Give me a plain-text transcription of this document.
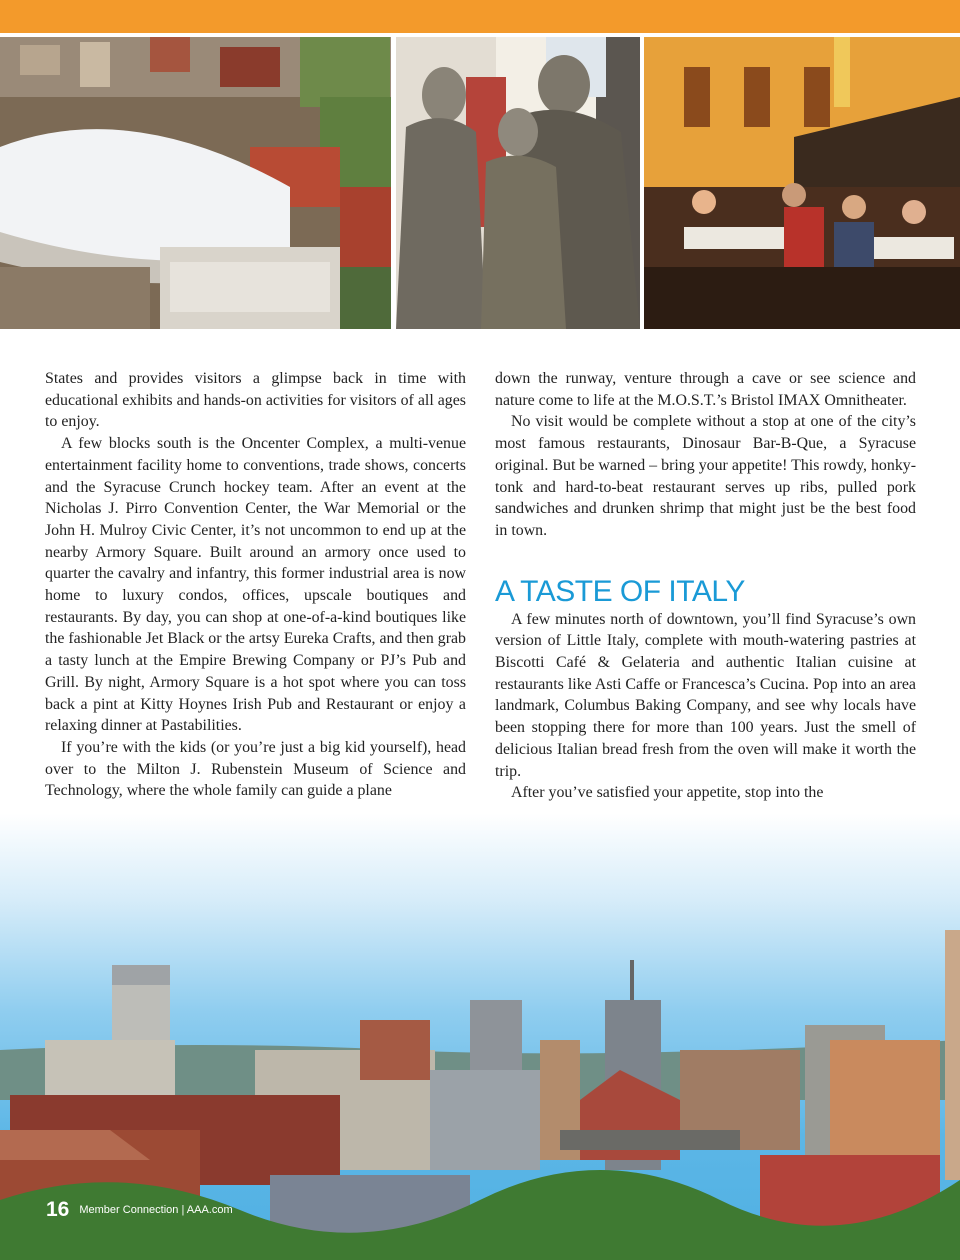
States and provides visitors a glimpse back in time with educational exhibits and hands-on activities for visitors of all ages to enjoy.

A few blocks south is the Oncenter Complex, a multi-venue entertainment facility home to conventions, trade shows, concerts and the Syracuse Crunch hockey team. After an event at the Nicholas J. Pirro Convention Center, the War Memorial or the John H. Mulroy Civic Center, it’s not uncommon to end up at the nearby Armory Square. Built around an armory once used to quarter the cavalry and infantry, this former industrial area is now home to luxury condos, offices, upscale boutiques and restaurants. By day, you can shop at one-of-a-kind boutiques like the fashionable Jet Black or the artsy Eureka Crafts, and then grab a tasty lunch at the Empire Brewing Company or PJ’s Pub and Grill. By night, Armory Square is a hot spot where you can toss back a pint at Kitty Hoynes Irish Pub and Restaurant or enjoy a relaxing dinner at Pastabilities.

If you’re with the kids (or you’re just a big kid yourself), head over to the Milton J. Rubenstein Museum of Science and Technology, where the whole family can guide a plane

down the runway, venture through a cave or see science and nature come to life at the M.O.S.T.’s Bristol IMAX Omnitheater.

No visit would be complete without a stop at one of the city’s most famous restaurants, Dinosaur Bar-B-Que, a Syracuse original. But be warned – bring your appetite! This rowdy, honky-tonk and hard-to-beat restaurant serves up ribs, pulled pork sandwiches and drunken shrimp that might just be the best food in town.

A TASTE OF ITALY

A few minutes north of downtown, you’ll find Syracuse’s own version of Little Italy, complete with mouth-watering pastries at Biscotti Café & Gelateria and authentic Italian cuisine at restaurants like Asti Caffe or Francesca’s Cucina. Pop into an area landmark, Columbus Baking Company, and see why locals have been stopping there for more than 100 years. Just the smell of delicious Italian bread fresh from the oven will make it worth the trip.

After you’ve satisfied your appetite, stop into the

16 Member Connection | AAA.com
